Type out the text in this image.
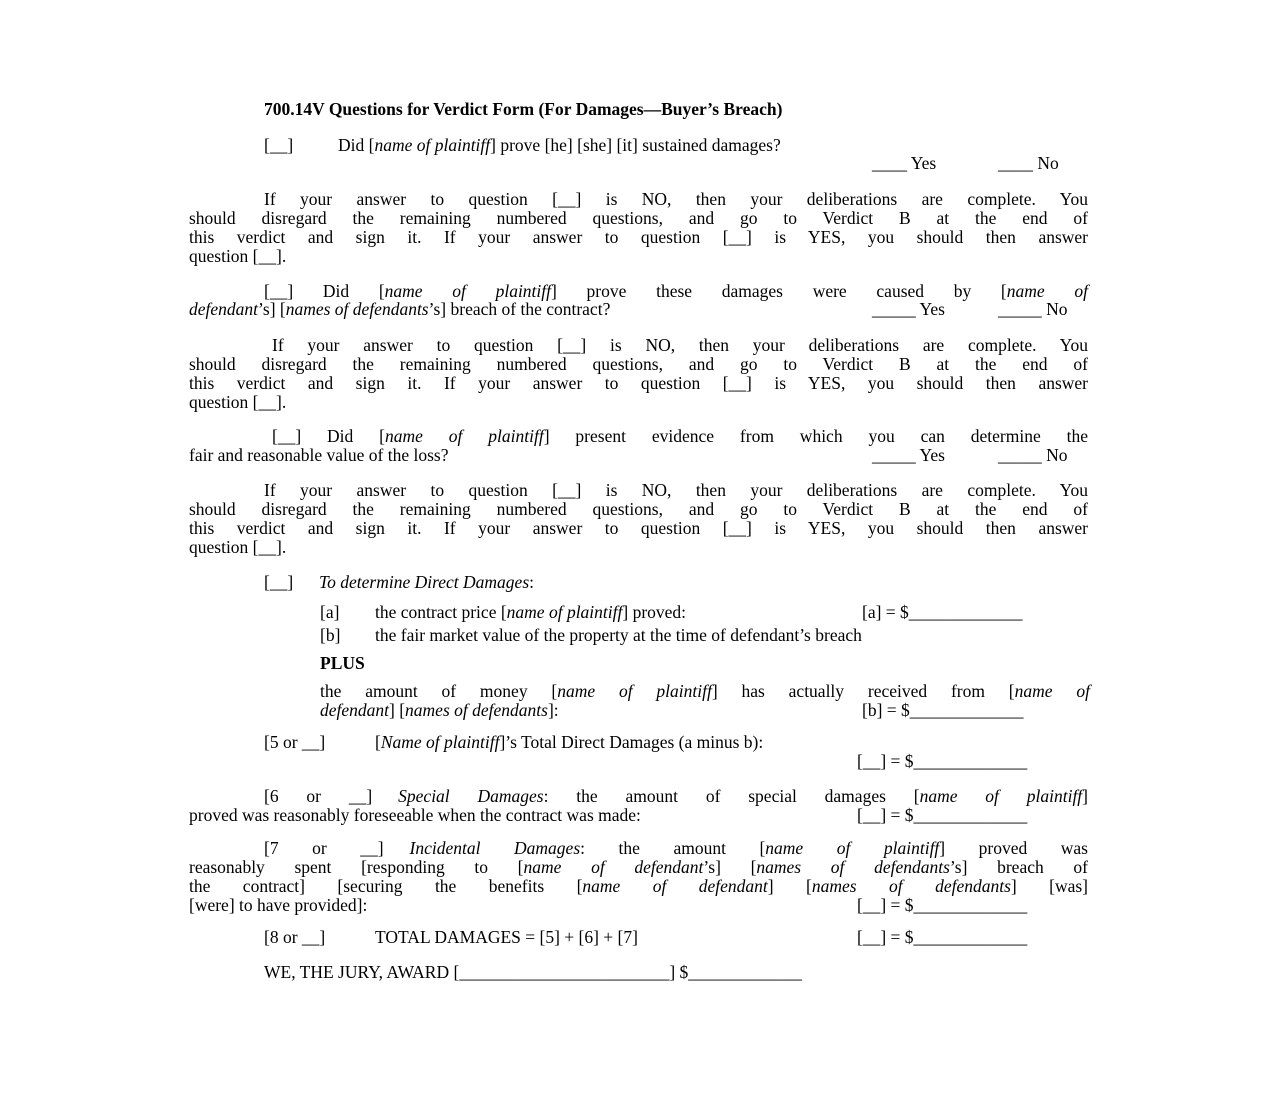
700.14V Questions for Verdict Form (For Damages—Buyer’s Breach)
[__]	Did [name of plaintiff] prove [he] [she] [it] sustained damages?
____ Yes	____ No
If your answer to question [__] is NO, then your deliberations are complete. You
should disregard the remaining numbered questions, and go to Verdict B at the end of
this verdict and sign it. If your answer to question [__] is YES, you should then answer
question [__].
[__] Did [name of plaintiff] prove these damages were caused by [name of
defendant’s] [names of defendants’s] breach of the contract?	_____ Yes	_____ No
If your answer to question [__] is NO, then your deliberations are complete. You
should disregard the remaining numbered questions, and go to Verdict B at the end of
this verdict and sign it. If your answer to question [__] is YES, you should then answer
question [__].
[__] Did [name of plaintiff] present evidence from which you can determine the
fair and reasonable value of the loss?	_____ Yes	_____ No
If your answer to question [__] is NO, then your deliberations are complete. You
should disregard the remaining numbered questions, and go to Verdict B at the end of
this verdict and sign it. If your answer to question [__] is YES, you should then answer
question [__].
[__] To determine Direct Damages:
[a] the contract price [name of plaintiff] proved:	[a] = $_____________
[b] the fair market value of the property at the time of defendant’s breach
PLUS
the amount of money [name of plaintiff] has actually received from [name of
defendant] [names of defendants]:	[b] = $_____________
[5 or __]	[Name of plaintiff]’s Total Direct Damages (a minus b):
[__] = $_____________
[6 or __] Special Damages: the amount of special damages [name of plaintiff]
proved was reasonably foreseeable when the contract was made:	[__] = $_____________
[7 or __] Incidental Damages: the amount [name of plaintiff] proved was
reasonably spent [responding to [name of defendant’s] [names of defendants’s] breach of
the contract] [securing the benefits [name of defendant] [names of defendants] [was]
[were] to have provided]:	[__] = $_____________
[8 or __]	TOTAL DAMAGES = [5] + [6] + [7]	[__] = $_____________
WE, THE JURY, AWARD [________________________] $_____________
